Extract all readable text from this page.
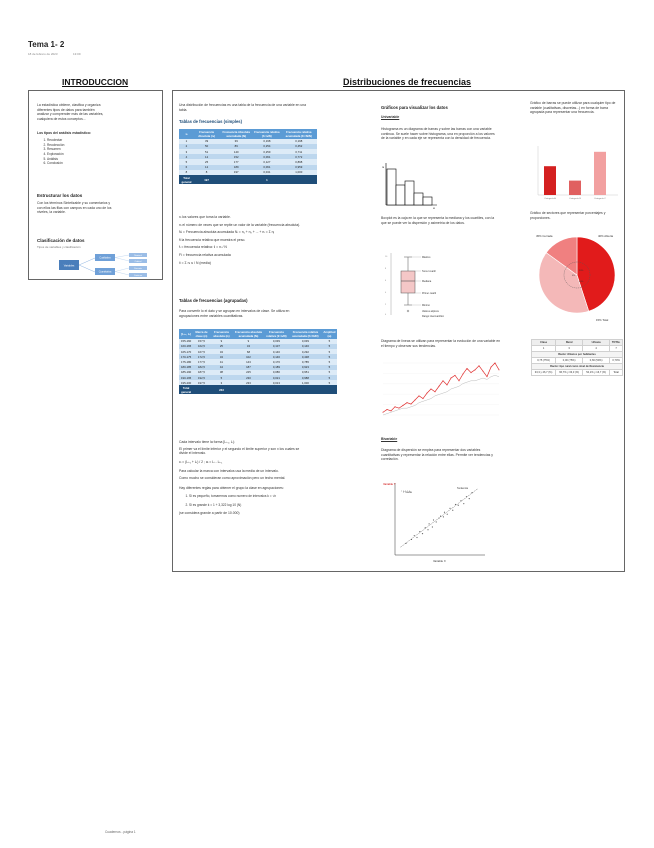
Tema 1- 2
18 de febrero de 2023	13:09
INTRODUCCION
La estadística obtiene, clasifica y organiza diferentes tipos de datos para también analizar y comprender más de las variables, cualquiera de estos conceptos...
Los tipos del análisis estadístico:
1. Recolectar
2. Recolección
3. Resumen
4. Exploración
5. Análisis
6. Conclusión
Estructurar los datos
Con los términos Sintetizable y su comentarios y con ellos las filas con campos en cada uno de los niveles, la variable.
Clasificación de datos
Tipos de variables y clasificación
Variables
Cualitativa
Cuantitativa
Nominal
Ordinal
Discreta
Continua
Distribuciones de frecuencias
Una distribución de frecuencias es una tabla de la frecuencia de una variable en una tabla.
Tablas de frecuencias (simples)
xᵢ	Frecuencia Absoluta (nᵢ)	Frecuencia Absoluta acumulada (Nᵢ)	Frecuencia relativa (fᵢ=nᵢ/N)	Frecuencia relativa acumulada (Fᵢ=Nᵢ/N)
1	39	39	0,198	0,198
2	50	89	0,254	0,452
3	51	140	0,259	0,711
4	12	152	0,061	0,772
5	25	177	0,127	0,898
6	12	189	0,061	0,959
8	8	197	0,041	1,000
Total general	197		1	
xᵢ los valores que toma la variable.
nᵢ el número de veces que se repite un valor de la variable (frecuencia absoluta).
Nᵢ = Frecuencia absoluta acumulada Nᵢ = n₁ + n₂ + ... + nᵢ = Σ nⱼ
fi la frecuencia relativa que muestra el peso.
fᵢ = frecuencia relativa: fᵢ = nᵢ / N
Fi = frecuencia relativa acumulada
x̄ = Σ nᵢ xᵢ / N (media)
Tablas de frecuencias (agrupadas)
Para convertir lo el dato y se agrupan en intervalos de clase. Se utiliza en agrupaciones entre variables cuantitativas.
[Lᵢ-₁, Lᵢ)	Marca de clase (cᵢ)	Frecuencia absoluta (nᵢ)	Frecuencia absoluta acumulada (Nᵢ)	Frecuencia relativa (fᵢ=nᵢ/N)	Frecuencia relativa acumulada (Fᵢ=Nᵢ/N)	Amplitud (aᵢ)
155-160	157,5	9	9	0,039	0,039	5
160-165	162,5	25	34	0,107	0,146	5
165-170	167,5	34	68	0,146	0,292	5
170-175	172,5	34	102	0,146	0,438	5
175-180	177,5	41	143	0,176	0,785	5
180-185	182,5	44	187	0,189	0,923	5
185-190	187,5	38	225	0,086	0,951	5
190-195	192,5	5	230	0,021	0,988	5
195-200	197,5	3	233	0,013	1,000	5
Total general		233				
Cada intervalo tiene la forma [Lᵢ-₁, Lᵢ)
El primer va el límite inferior y el segundo el límite superior y son x los cuales se divide el intervalo.
cᵢ = (Lᵢ-₁ + Lᵢ) / 2 ; aᵢ = Lᵢ - Lᵢ-₁
Para calcular la marca con intervalos usa la media de un intervalo.
Como mucho se consideran como aproximación pero un techo mental.
Hay diferentes reglas para obtener el grupo la clase en agrupaciones:
1. Si es pequeño, tomaremos como numero de intervalos k = √n
2. Si es grande k = 1 + 3,322 log 10 (N)
(se considera grande a partir de 10.000)
Gráficos para visualizar los datos
Univariable
Histograma es un diagrama de barras y sobre las barras con una variable continua. Se suele hacer sobre histograma, una en proporción a los valores de la variable y en cada eje se representa con la densidad de frecuencia.
nᵢ
xᵢ
Boxplot es la caja en la que se representa la mediana y los cuartiles, con la que se puede ver la dispersión y asimetría de los datos.
10
8
6
4
2
0
Máximo
Tercer cuartil
Mediana
Primer cuartil
Mínimo
Valores atípicos
Rango intercuartílico
Diagrama de líneas se utilizan para representar la evolución de una variable en el tiempo y observar sus tendencias.
Bivariable
Diagrama de dispersión se emplea para representar dos variables cuantitativas y representar la relación entre ellas. Permite ver tendencias y correlación.
Variable Y
Variable X
Tendencia
Y media
Gráfico de barras se puede utilizar para cualquier tipo de variable (cualitativas, discretas...) en forma de barra agrupada para representar una frecuencia.
Categoría A	Categoría B	Categoría C
Gráfico de sectores que representar porcentajes y proporciones.
0%
20%
40%
45% Cerrada	40% Abierta
15% Total
Clase	Rural	Urbana	TOTAL
1	3	4	7
Razón Urbanos por habitantes			
0,75 (75%)	0,00 (75%)	0,66 (50%)	0,70%
Razón: tipo rural como nivel de Resistencia			
33,3 y 46,7 (%)	66,7% y 33,3 (%)	54,1% y 16,7 (%)	Total
Cuadernos - página 1
